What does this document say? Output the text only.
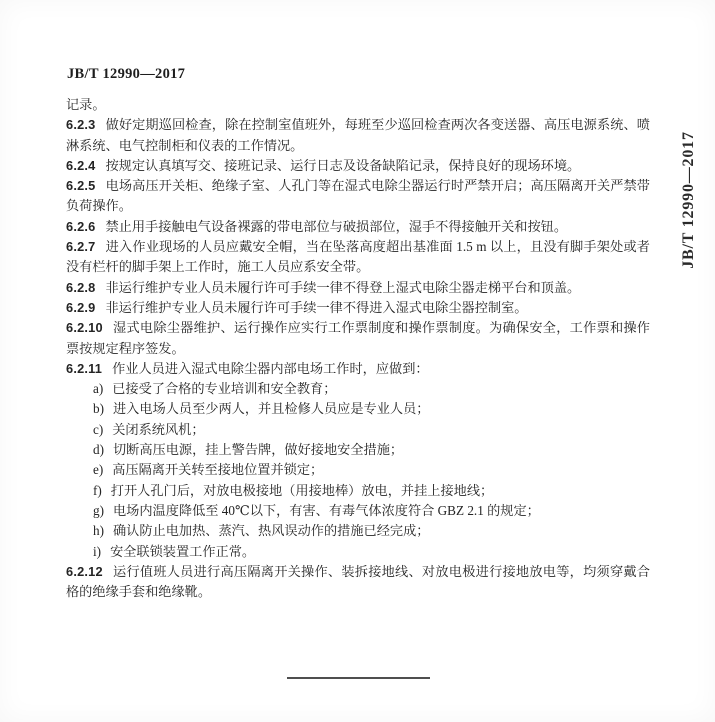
JB/T 12990—2017
JB/T 12990—2017

记录。

6.2.3 做好定期巡回检查，除在控制室值班外，每班至少巡回检查两次各变送器、高压电源系统、喷淋系统、电气控制柜和仪表的工作情况。

6.2.4 按规定认真填写交、接班记录、运行日志及设备缺陷记录，保持良好的现场环境。

6.2.5 电场高压开关柜、绝缘子室、人孔门等在湿式电除尘器运行时严禁开启；高压隔离开关严禁带负荷操作。

6.2.6 禁止用手接触电气设备裸露的带电部位与破损部位，湿手不得接触开关和按钮。

6.2.7 进入作业现场的人员应戴安全帽，当在坠落高度超出基准面 1.5 m 以上，且没有脚手架处或者没有栏杆的脚手架上工作时，施工人员应系安全带。

6.2.8 非运行维护专业人员未履行许可手续一律不得登上湿式电除尘器走梯平台和顶盖。

6.2.9 非运行维护专业人员未履行许可手续一律不得进入湿式电除尘器控制室。

6.2.10 湿式电除尘器维护、运行操作应实行工作票制度和操作票制度。为确保安全，工作票和操作票按规定程序签发。

6.2.11 作业人员进入湿式电除尘器内部电场工作时，应做到：

a) 已接受了合格的专业培训和安全教育；

b) 进入电场人员至少两人，并且检修人员应是专业人员；

c) 关闭系统风机；

d) 切断高压电源，挂上警告牌，做好接地安全措施；

e) 高压隔离开关转至接地位置并锁定；

f) 打开人孔门后，对放电极接地（用接地棒）放电，并挂上接地线；

g) 电场内温度降低至 40℃以下，有害、有毒气体浓度符合 GBZ 2.1 的规定；

h) 确认防止电加热、蒸汽、热风误动作的措施已经完成；

i) 安全联锁装置工作正常。

6.2.12 运行值班人员进行高压隔离开关操作、装拆接地线、对放电极进行接地放电等，均须穿戴合格的绝缘手套和绝缘靴。
